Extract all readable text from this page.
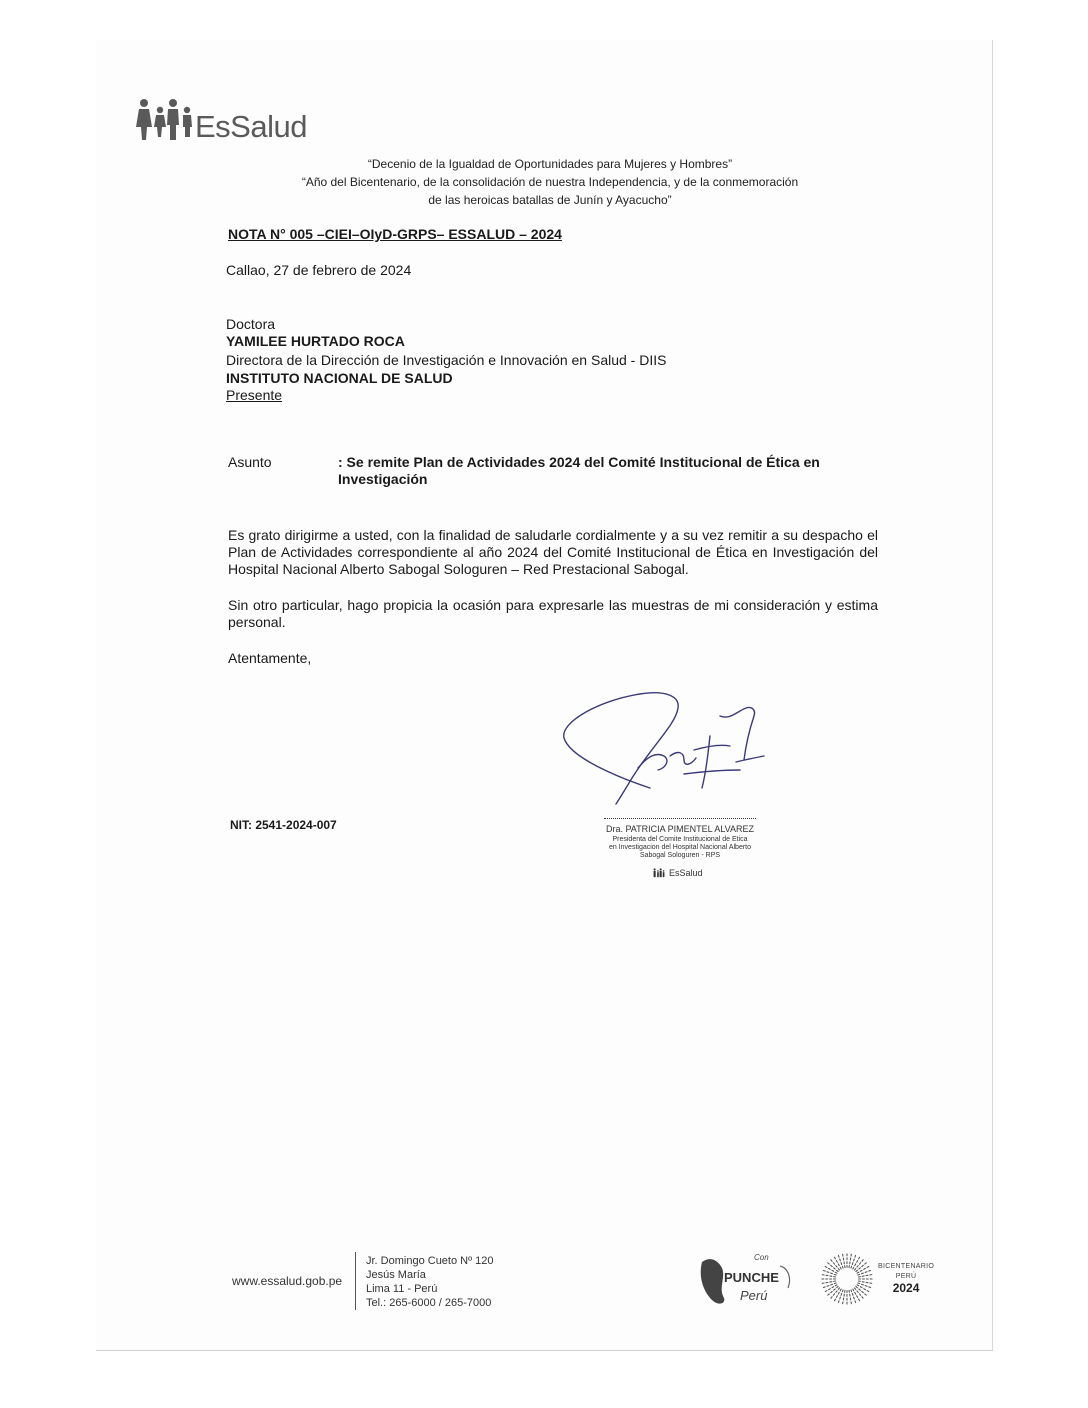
EsSalud
“Decenio de la Igualdad de Oportunidades para Mujeres y Hombres”
“Año del Bicentenario, de la consolidación de nuestra Independencia, y de la conmemoración
de las heroicas batallas de Junín y Ayacucho”
NOTA N° 005 –CIEI–OIyD-GRPS– ESSALUD – 2024
Callao, 27 de febrero de 2024
Doctora
YAMILEE HURTADO ROCA
Directora de la Dirección de Investigación e Innovación en Salud - DIIS
INSTITUTO NACIONAL DE SALUD
Presente
Asunto	: Se remite Plan de Actividades 2024 del Comité Institucional de Ética en Investigación
Es grato dirigirme a usted, con la finalidad de saludarle cordialmente y a su vez remitir a su despacho el Plan de Actividades correspondiente al año 2024 del Comité Institucional de Ética en Investigación del Hospital Nacional Alberto Sabogal Sologuren – Red Prestacional Sabogal.
Sin otro particular, hago propicia la ocasión para expresarle las muestras de mi consideración y estima personal.
Atentamente,
Dra. PATRICIA PIMENTEL ALVAREZ
Presidenta del Comite Institucional de Etica
en Investigacion del Hospital Nacional Alberto
Sabogal Sologuren - RPS
EsSalud
NIT: 2541-2024-007
www.essalud.gob.pe
Jr. Domingo Cueto Nº 120
Jesús María
Lima 11 - Perú
Tel.: 265-6000 / 265-7000
Con
PUNCHE
Perú
BICENTENARIO
PERÚ
2024
